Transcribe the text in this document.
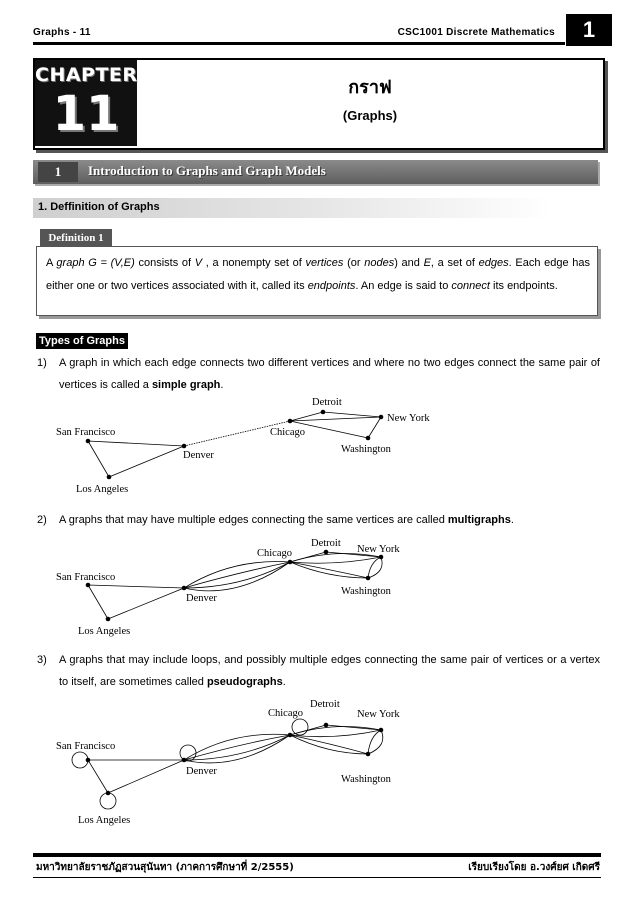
Graphs - 11	CSC1001 Discrete Mathematics	1
CHAPTER
11	กราฟ
(Graphs)
1	Introduction to Graphs and Graph Models
1. Deffinition of Graphs
Definition 1
A graph G = (V,E) consists of V , a nonempty set of vertices (or nodes) and E, a set of edges. Each edge has either one or two vertices associated with it, called its endpoints. An edge is said to connect its endpoints.
Types of Graphs
1)	A graph in which each edge connects two different vertices and where no two edges connect the same pair of vertices is called a simple graph.
2)	A graphs that may have multiple edges connecting the same vertices are called multigraphs.
3)	A graphs that may include loops, and possibly multiple edges connecting the same pair of vertices or a vertex to itself, are sometimes called pseudographs.
San Francisco
Los Angeles
Denver
Chicago
Detroit
New York
Washington
San Francisco
Los Angeles
Denver
Chicago
Detroit
New York
Washington
San Francisco
Los Angeles
Denver
Chicago
Detroit
New York
Washington
มหาวิทยาลัยราชภัฏสวนสุนันทา (ภาคการศึกษาที่ 2/2555)	เรียบเรียงโดย อ.วงศ์ยศ เกิดศรี
